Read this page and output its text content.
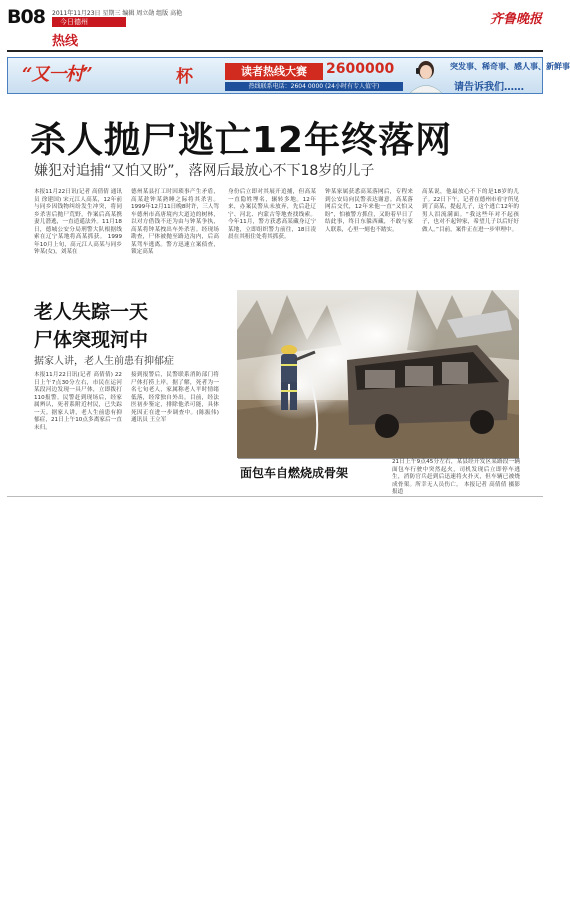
B08 2011年11月23日 星期三 编辑 周立勋 组版 高艳
今日德州
热线
齐鲁晚报
“又一村”	杯	读者热线大赛	2600000
热线联系电话：2604 0000 (24小时有专人值守)
突发事、稀奇事、感人事、新鲜事
请告诉我们……
杀人抛尸逃亡12年终落网
嫌犯对追捕“又怕又盼”，落网后最放心不下18岁的儿子
本报11月22日讯(记者 高倩倩 通讯员 徐建国) 宋元江人高某，12年前与同乡因钱物纠纷发生冲突，将同乡杀害后抛尸荒野，作案后高某携妻儿潜逃，一直逍遥法外。11月18日，德城公安分局刑警大队根据线索在辽宁某地将高某抓获。 1999年10月上旬，高元江人高某与同乡钟某(女)，刘某在
德州某县打工时因琐事产生矛盾，高某趁钟某熟睡之际将其杀害。1999年12月11日晚8时许，三人驾车德州市高唐境内大道边的树林，以对方借钱不还为由与钟某争执，高某将钟某拽出车外杀害。经现场勘查，尸体被抛至路边沟内，后高某驾车逃离。警方迅速立案侦查，锁定高某
身份后立即对其展开追捕，但高某一直隐姓埋名，辗转多地。12年来，办案民警从未放弃，先后赴辽宁、河北、内蒙古等地查找线索。今年11月，警方获悉高某藏身辽宁某地，立即组织警力前往，18日凌晨在其租住处将其抓获。
钟某家属获悉高某落网后，专程来到公安局向民警表达谢意。高某落网后交代，12年来他一直“又怕又盼”，怕被警方抓住，又盼着早日了结此事，终日东躲西藏，不敢与家人联系，心里一刻也不踏实。
高某说，他最放心不下的是18岁的儿子。22日下午，记者在德州市看守所见到了高某，提起儿子，这个逃亡12年的男人泪流满面。“我这些年对不起孩子，也对不起钟家，希望儿子以后好好做人。”目前，案件正在进一步审理中。
老人失踪一天
尸体突现河中
据家人讲，老人生前患有抑郁症
本报11月22日讯(记者 高倩倩) 22日上午7点30分左右，市民在运河某段河边发现一具尸体，立即拨打110报警。民警赶到现场后，经家属辨认，死者系附近村民，已失踪一天。据家人讲，老人生前患有抑郁症，21日上午10点多离家后一直未归。
接到报警后，民警联系消防部门将尸体打捞上岸。据了解，死者为一名七旬老人，家属称老人平时情绪低落，经常独自外出。目前，经法医初步鉴定，排除他杀可能，具体死因正在进一步调查中。(陈振伟) 通讯员 王立军
面包车自燃烧成骨架
21日上午9点45分左右，某县经开发区某路段一辆面包车行驶中突然起火，司机发现后立即停车逃生，消防官兵赶到后迅速将火扑灭，但车辆已被烧成骨架。所幸无人员伤亡。 本报记者 高倩倩 摄影报道
